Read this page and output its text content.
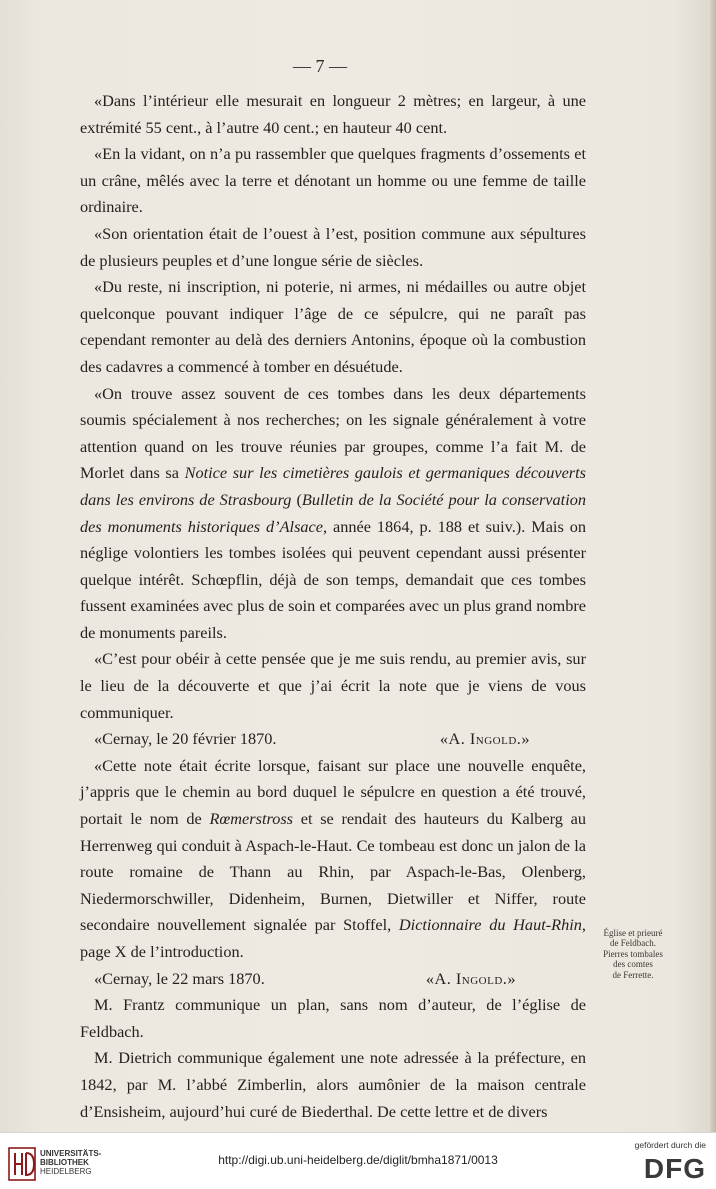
— 7 —

«Dans l’intérieur elle mesurait en longueur 2 mètres; en largeur, à une extrémité 55 cent., à l’autre 40 cent.; en hauteur 40 cent.

«En la vidant, on n’a pu rassembler que quelques fragments d’ossements et un crâne, mêlés avec la terre et dénotant un homme ou une femme de taille ordinaire.

«Son orientation était de l’ouest à l’est, position commune aux sépultures de plusieurs peuples et d’une longue série de siècles.

«Du reste, ni inscription, ni poterie, ni armes, ni médailles ou autre objet quelconque pouvant indiquer l’âge de ce sépulcre, qui ne paraît pas cependant remonter au delà des derniers Antonins, époque où la combustion des cadavres a commencé à tomber en désuétude.

«On trouve assez souvent de ces tombes dans les deux départements soumis spécialement à nos recherches; on les signale généralement à votre attention quand on les trouve réunies par groupes, comme l’a fait M. de Morlet dans sa Notice sur les cimetières gaulois et germaniques découverts dans les environs de Strasbourg (Bulletin de la Société pour la conservation des monuments historiques d’Alsace, année 1864, p. 188 et suiv.). Mais on néglige volontiers les tombes isolées qui peuvent cependant aussi présenter quelque intérêt. Schœpflin, déjà de son temps, demandait que ces tombes fussent examinées avec plus de soin et comparées avec un plus grand nombre de monuments pareils.

«C’est pour obéir à cette pensée que je me suis rendu, au premier avis, sur le lieu de la découverte et que j’ai écrit la note que je viens de vous communiquer.

«Cernay, le 20 février 1870.	«A. Ingold.»

«Cette note était écrite lorsque, faisant sur place une nouvelle enquête, j’appris que le chemin au bord duquel le sépulcre en question a été trouvé, portait le nom de Rœmerstross et se rendait des hauteurs du Kalberg au Herrenweg qui conduit à Aspach-le-Haut. Ce tombeau est donc un jalon de la route romaine de Thann au Rhin, par Aspach-le-Bas, Olenberg, Niedermorschwiller, Didenheim, Burnen, Dietwiller et Niffer, route secondaire nouvellement signalée par Stoffel, Dictionnaire du Haut-Rhin, page X de l’introduction.

«Cernay, le 22 mars 1870.	«A. Ingold.»

M. Frantz communique un plan, sans nom d’auteur, de l’église de Feldbach.

M. Dietrich communique également une note adressée à la préfecture, en 1842, par M. l’abbé Zimberlin, alors aumônier de la maison centrale d’Ensisheim, aujourd’hui curé de Biederthal. De cette lettre et de divers

Église et prieuré
de Feldbach.
Pierres tombales
des comtes
de Ferrette.
UNIVERSITÄTS-
BIBLIOTHEK
HEIDELBERG
http://digi.ub.uni-heidelberg.de/diglit/bmha1871/0013
gefördert durch die
DFG
